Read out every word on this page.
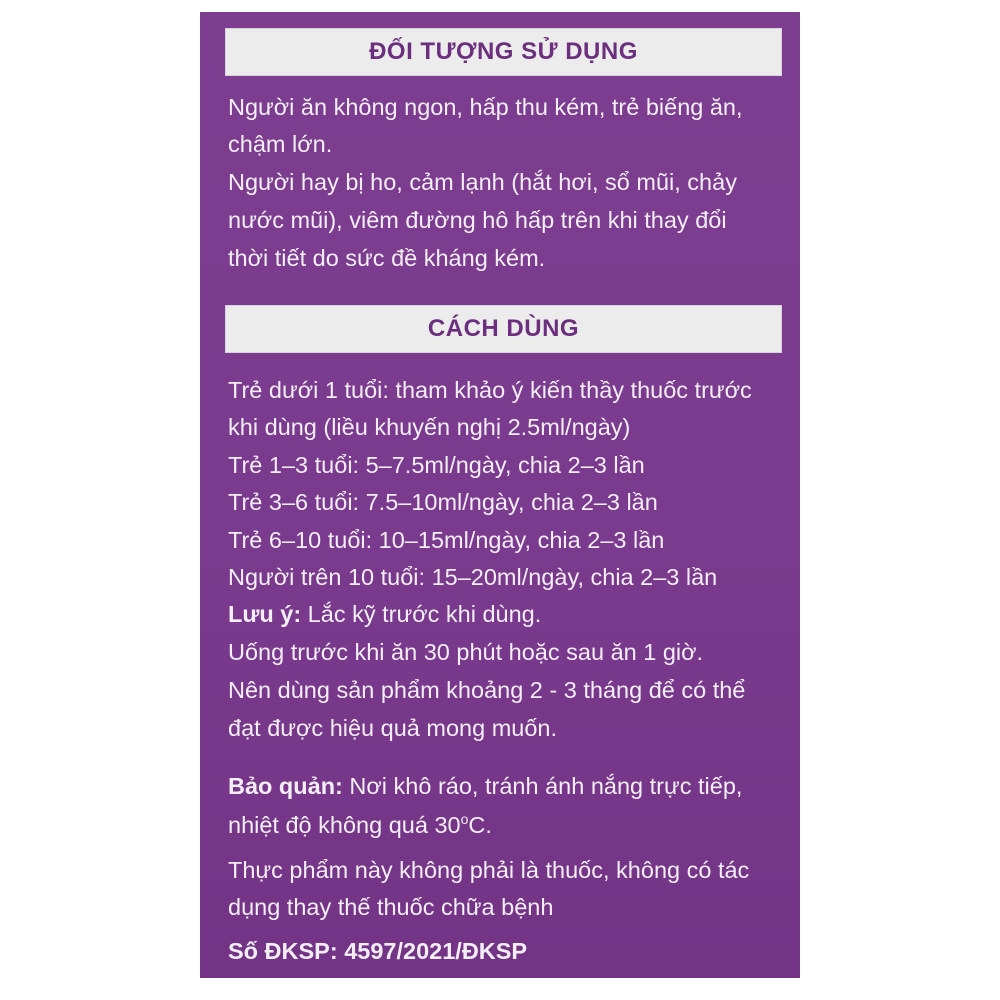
ĐỐI TƯỢNG SỬ DỤNG

Người ăn không ngon, hấp thu kém, trẻ biếng ăn,

chậm lớn.

Người hay bị ho, cảm lạnh (hắt hơi, sổ mũi, chảy

nước mũi), viêm đường hô hấp trên khi thay đổi

thời tiết do sức đề kháng kém.

CÁCH DÙNG

Trẻ dưới 1 tuổi: tham khảo ý kiến thầy thuốc trước

khi dùng (liều khuyến nghị 2.5ml/ngày)

Trẻ 1–3 tuổi: 5–7.5ml/ngày, chia 2–3 lần

Trẻ 3–6 tuổi: 7.5–10ml/ngày, chia 2–3 lần

Trẻ 6–10 tuổi: 10–15ml/ngày, chia 2–3 lần

Người trên 10 tuổi: 15–20ml/ngày, chia 2–3 lần

Lưu ý: Lắc kỹ trước khi dùng.

Uống trước khi ăn 30 phút hoặc sau ăn 1 giờ.

Nên dùng sản phẩm khoảng 2 - 3 tháng để có thể

đạt được hiệu quả mong muốn.

Bảo quản: Nơi khô ráo, tránh ánh nắng trực tiếp,

nhiệt độ không quá 30$^o$C.

Thực phẩm này không phải là thuốc, không có tác

dụng thay thế thuốc chữa bệnh

Số ĐKSP: 4597/2021/ĐKSP
